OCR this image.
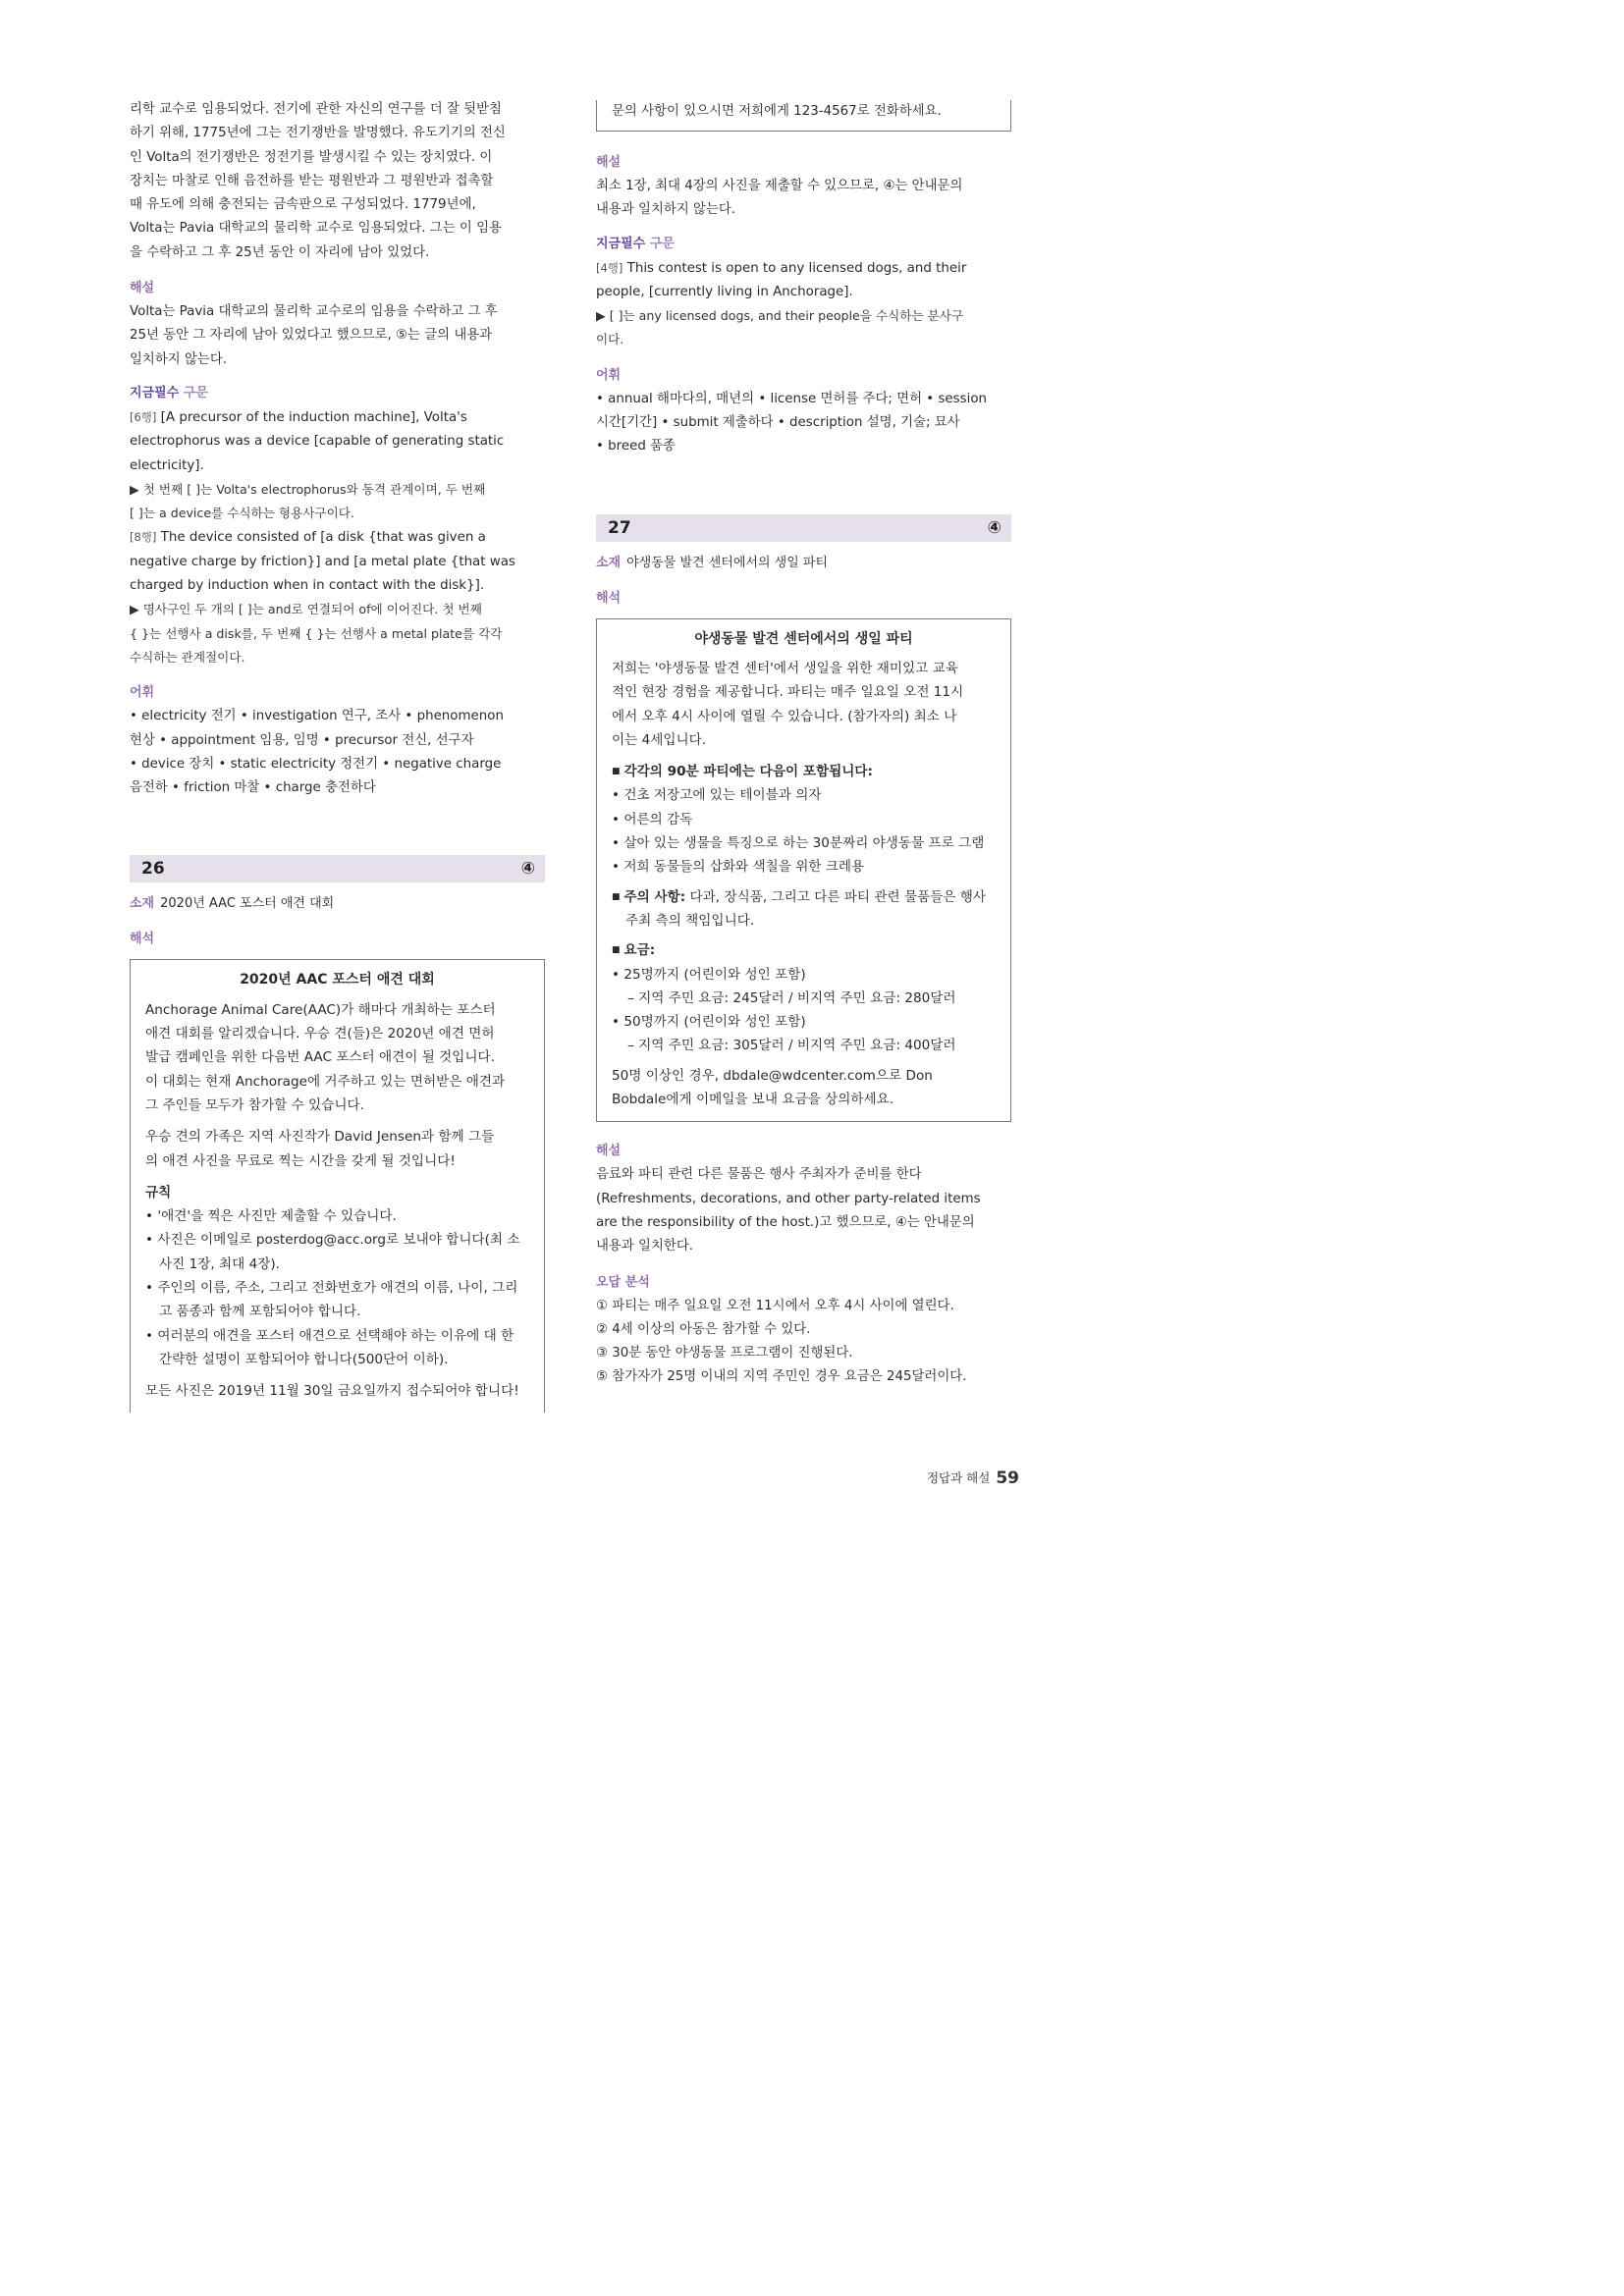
리학 교수로 임용되었다. 전기에 관한 자신의 연구를 더 잘 뒷받침
하기 위해, 1775년에 그는 전기쟁반을 발명했다. 유도기기의 전신
인 Volta의 전기쟁반은 정전기를 발생시킬 수 있는 장치였다. 이
장치는 마찰로 인해 음전하를 받는 평원반과 그 평원반과 접촉할
때 유도에 의해 충전되는 금속판으로 구성되었다. 1779년에,
Volta는 Pavia 대학교의 물리학 교수로 임용되었다. 그는 이 임용
을 수락하고 그 후 25년 동안 이 자리에 남아 있었다.
해설
Volta는 Pavia 대학교의 물리학 교수로의 임용을 수락하고 그 후
25년 동안 그 자리에 남아 있었다고 했으므로, ⑤는 글의 내용과
일치하지 않는다.
지금필수 구문
[6행] [A precursor of the induction machine], Volta's
electrophorus was a device [capable of generating static
electricity].
▶ 첫 번째 [ ]는 Volta's electrophorus와 동격 관계이며, 두 번째
[ ]는 a device를 수식하는 형용사구이다.
[8행] The device consisted of [a disk {that was given a
negative charge by friction}] and [a metal plate {that was
charged by induction when in contact with the disk}].
▶ 명사구인 두 개의 [ ]는 and로 연결되어 of에 이어진다. 첫 번째
{ }는 선행사 a disk를, 두 번째 { }는 선행사 a metal plate를 각각
수식하는 관계절이다.
어휘
• electricity 전기 • investigation 연구, 조사 • phenomenon
현상 • appointment 임용, 임명 • precursor 전신, 선구자
• device 장치 • static electricity 정전기 • negative charge
음전하 • friction 마찰 • charge 충전하다
26	④
소재 2020년 AAC 포스터 애견 대회
해석
2020년 AAC 포스터 애견 대회

Anchorage Animal Care(AAC)가 해마다 개최하는 포스터
애견 대회를 알리겠습니다. 우승 견(들)은 2020년 애견 면허
발급 캠페인을 위한 다음번 AAC 포스터 애견이 될 것입니다.
이 대회는 현재 Anchorage에 거주하고 있는 면허받은 애견과
그 주인들 모두가 참가할 수 있습니다.

우승 견의 가족은 지역 사진작가 David Jensen과 함께 그들
의 애견 사진을 무료로 찍는 시간을 갖게 될 것입니다!

규칙
• '애견'을 찍은 사진만 제출할 수 있습니다.
• 사진은 이메일로 posterdog@acc.org로 보내야 합니다(최 소 사진 1장, 최대 4장).
• 주인의 이름, 주소, 그리고 전화번호가 애견의 이름, 나이, 그리고 품종과 함께 포함되어야 합니다.
• 여러분의 애견을 포스터 애견으로 선택해야 하는 이유에 대 한 간략한 설명이 포함되어야 합니다(500단어 이하).

모든 사진은 2019년 11월 30일 금요일까지 접수되어야 합니다!

문의 사항이 있으시면 저희에게 123-4567로 전화하세요.
해설
최소 1장, 최대 4장의 사진을 제출할 수 있으므로, ④는 안내문의
내용과 일치하지 않는다.
지금필수 구문
[4행] This contest is open to any licensed dogs, and their
people, [currently living in Anchorage].
▶ [ ]는 any licensed dogs, and their people을 수식하는 분사구
이다.
어휘
• annual 해마다의, 매년의 • license 면허를 주다; 면허 • session
시간[기간] • submit 제출하다 • description 설명, 기술; 묘사
• breed 품종
27	④
소재 야생동물 발견 센터에서의 생일 파티
해석
야생동물 발견 센터에서의 생일 파티

저희는 '야생동물 발견 센터'에서 생일을 위한 재미있고 교육
적인 현장 경험을 제공합니다. 파티는 매주 일요일 오전 11시
에서 오후 4시 사이에 열릴 수 있습니다. (참가자의) 최소 나
이는 4세입니다.

■ 각각의 90분 파티에는 다음이 포함됩니다:
• 건초 저장고에 있는 테이블과 의자
• 어른의 감독
• 살아 있는 생물을 특징으로 하는 30분짜리 야생동물 프로 그램
• 저희 동물들의 삽화와 색칠을 위한 크레용
■ 주의 사항: 다과, 장식품, 그리고 다른 파티 관련 물품들은 행사 주최 측의 책임입니다.
■ 요금:
• 25명까지 (어린이와 성인 포함)
– 지역 주민 요금: 245달러 / 비지역 주민 요금: 280달러
• 50명까지 (어린이와 성인 포함)
– 지역 주민 요금: 305달러 / 비지역 주민 요금: 400달러

50명 이상인 경우, dbdale@wdcenter.com으로 Don
Bobdale에게 이메일을 보내 요금을 상의하세요.

해설
음료와 파티 관련 다른 물품은 행사 주최자가 준비를 한다
(Refreshments, decorations, and other party-related items
are the responsibility of the host.)고 했으므로, ④는 안내문의
내용과 일치한다.
오답 분석
① 파티는 매주 일요일 오전 11시에서 오후 4시 사이에 열린다.
② 4세 이상의 아동은 참가할 수 있다.
③ 30분 동안 야생동물 프로그램이 진행된다.
⑤ 참가자가 25명 이내의 지역 주민인 경우 요금은 245달러이다.
정답과 해설 59
